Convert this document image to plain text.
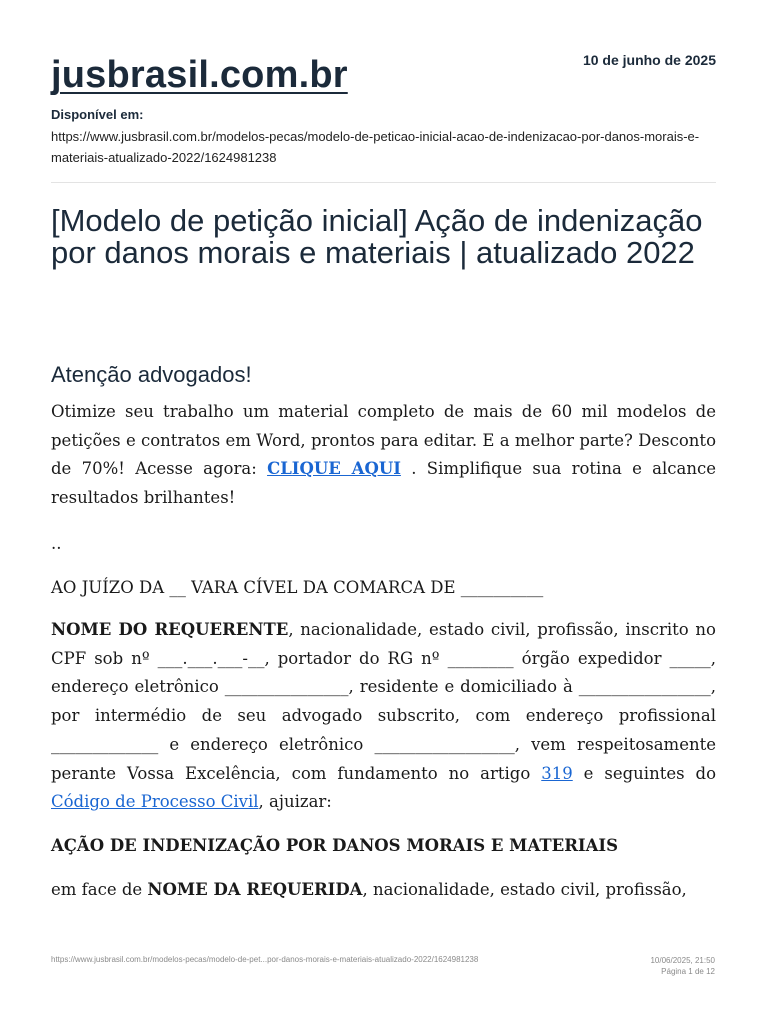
jusbrasil.com.br	10 de junho de 2025
Disponível em:
https://www.jusbrasil.com.br/modelos-pecas/modelo-de-peticao-inicial-acao-de-indenizacao-por-danos-morais-e-materiais-atualizado-2022/1624981238
[Modelo de petição inicial] Ação de indenização por danos morais e materiais | atualizado 2022
Atenção advogados!
Otimize seu trabalho um material completo de mais de 60 mil modelos de petições e contratos em Word, prontos para editar. E a melhor parte? Desconto de 70%! Acesse agora: CLIQUE AQUI . Simplifique sua rotina e alcance resultados brilhantes!
..
AO JUÍZO DA __ VARA CÍVEL DA COMARCA DE __________
NOME DO REQUERENTE, nacionalidade, estado civil, profissão, inscrito no CPF sob nº ___.___.___-__, portador do RG nº ________ órgão expedidor _____, endereço eletrônico _______________, residente e domiciliado à ________________, por intermédio de seu advogado subscrito, com endereço profissional _____________ e endereço eletrônico _________________, vem respeitosamente perante Vossa Excelência, com fundamento no artigo 319 e seguintes do Código de Processo Civil, ajuizar:
AÇÃO DE INDENIZAÇÃO POR DANOS MORAIS E MATERIAIS
em face de NOME DA REQUERIDA, nacionalidade, estado civil, profissão,
https://www.jusbrasil.com.br/modelos-pecas/modelo-de-pet...por-danos-morais-e-materiais-atualizado-2022/1624981238	10/06/2025, 21:50
Página 1 de 12
